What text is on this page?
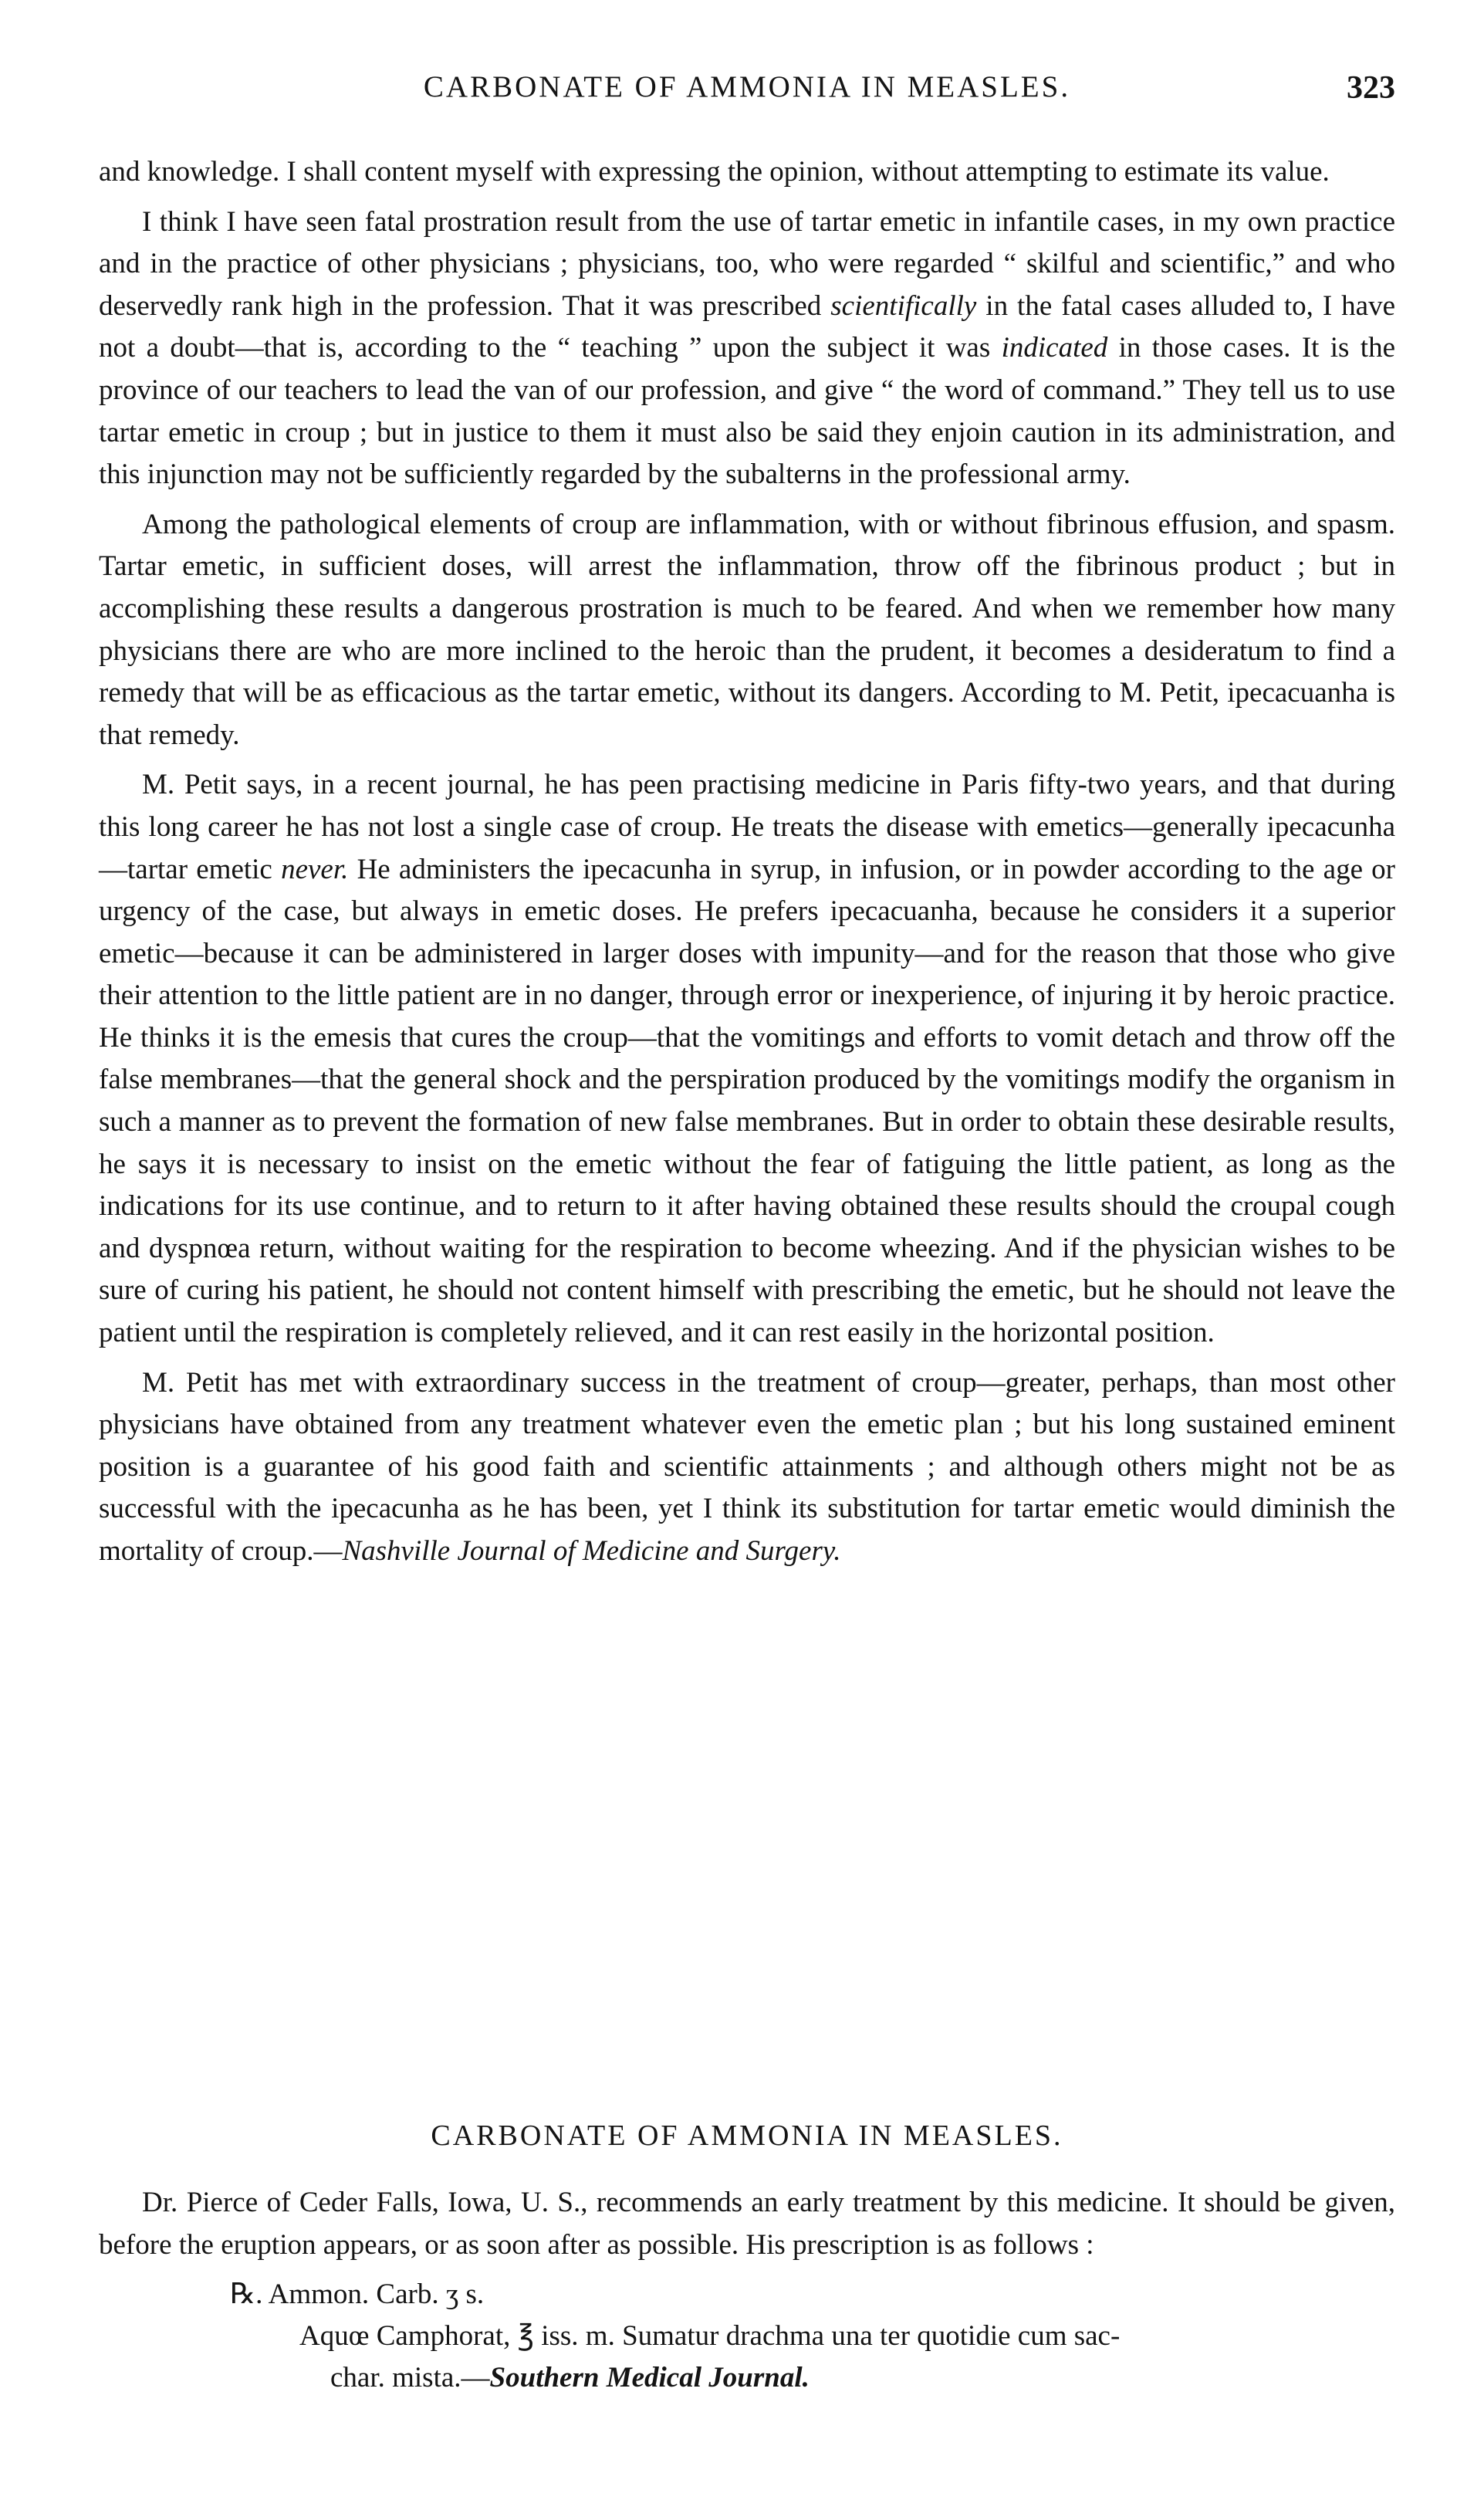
CARBONATE OF AMMONIA IN MEASLES.	323

and knowledge. I shall content myself with expressing the opinion, without attempting to estimate its value.

I think I have seen fatal prostration result from the use of tartar emetic in infantile cases, in my own practice and in the practice of other physicians ; physicians, too, who were regarded “ skilful and scientific,” and who deservedly rank high in the profession. That it was prescribed scientifically in the fatal cases alluded to, I have not a doubt—that is, according to the “ teaching ” upon the subject it was indicated in those cases. It is the province of our teachers to lead the van of our profession, and give “ the word of command.” They tell us to use tartar emetic in croup ; but in justice to them it must also be said they enjoin caution in its administration, and this injunction may not be sufficiently regarded by the subalterns in the professional army.

Among the pathological elements of croup are inflammation, with or without fibrinous effusion, and spasm. Tartar emetic, in sufficient doses, will arrest the inflammation, throw off the fibrinous product ; but in accomplishing these results a dangerous prostration is much to be feared. And when we remember how many physicians there are who are more inclined to the heroic than the prudent, it becomes a desideratum to find a remedy that will be as efficacious as the tartar emetic, without its dangers. According to M. Petit, ipecacuanha is that remedy.

M. Petit says, in a recent journal, he has peen practising medicine in Paris fifty-two years, and that during this long career he has not lost a single case of croup. He treats the disease with emetics—generally ipecacunha—tartar emetic never. He administers the ipecacunha in syrup, in infusion, or in powder according to the age or urgency of the case, but always in emetic doses. He prefers ipecacuanha, because he considers it a superior emetic—because it can be administered in larger doses with impunity—and for the reason that those who give their attention to the little patient are in no danger, through error or inexperience, of injuring it by heroic practice. He thinks it is the emesis that cures the croup—that the vomitings and efforts to vomit detach and throw off the false membranes—that the general shock and the perspiration produced by the vomitings modify the organism in such a manner as to prevent the formation of new false membranes. But in order to obtain these desirable results, he says it is necessary to insist on the emetic without the fear of fatiguing the little patient, as long as the indications for its use continue, and to return to it after having obtained these results should the croupal cough and dyspnœa return, without waiting for the respiration to become wheezing. And if the physician wishes to be sure of curing his patient, he should not content himself with prescribing the emetic, but he should not leave the patient until the respiration is completely relieved, and it can rest easily in the horizontal position.

M. Petit has met with extraordinary success in the treatment of croup—greater, perhaps, than most other physicians have obtained from any treatment whatever even the emetic plan ; but his long sustained eminent position is a guarantee of his good faith and scientific attainments ; and although others might not be as successful with the ipecacunha as he has been, yet I think its substitution for tartar emetic would diminish the mortality of croup.—Nashville Journal of Medicine and Surgery.

CARBONATE OF AMMONIA IN MEASLES.

Dr. Pierce of Ceder Falls, Iowa, U. S., recommends an early treatment by this medicine. It should be given, before the eruption appears, or as soon after as possible. His prescription is as follows :

℞. Ammon. Carb. ʒ s.

Aquœ Camphorat, ℥ iss. m. Sumatur drachma una ter quotidie cum sac-

char. mista.—Southern Medical Journal.
